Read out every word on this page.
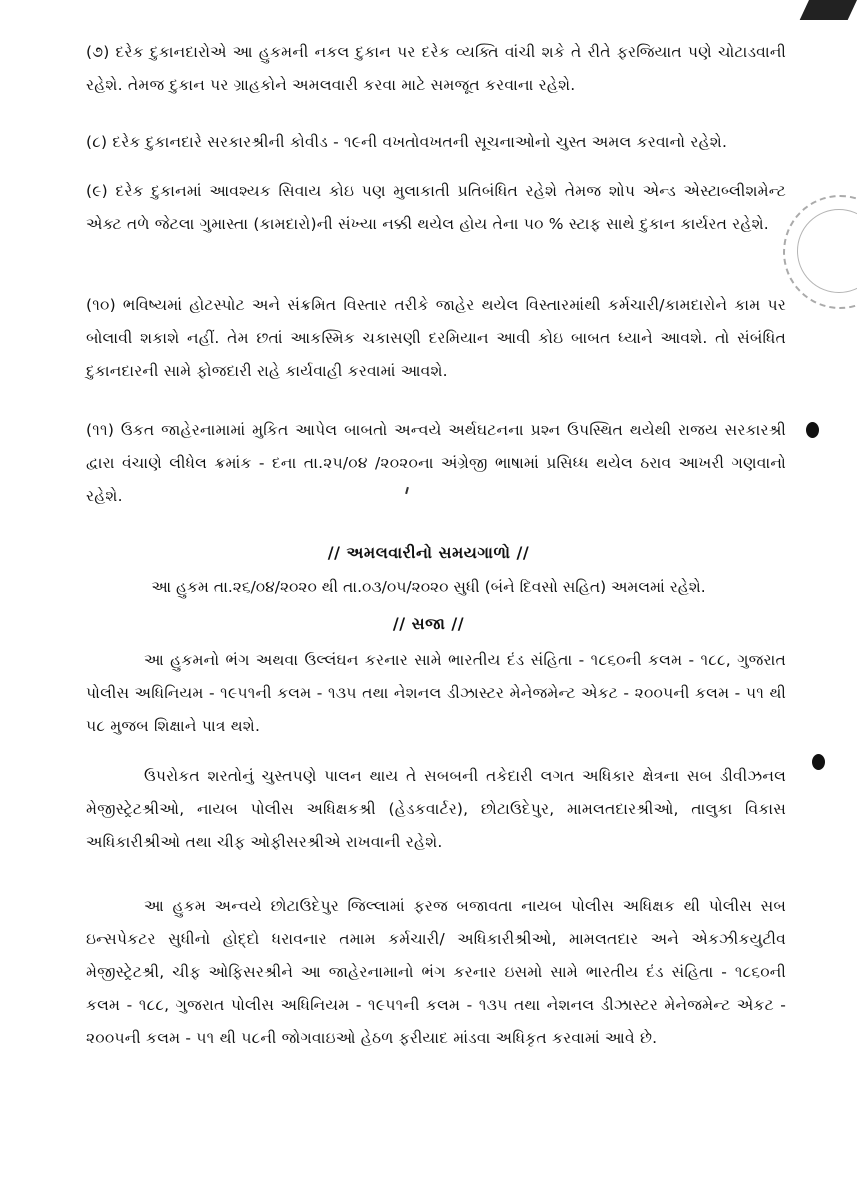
(૭) દરેક દુકાનદારોએ આ હુકમની નકલ દુકાન પર દરેક વ્યક્તિ વાંચી શકે તે રીતે ફરજિયાત પણે ચોટાડવાની રહેશે. તેમજ દુકાન પર ગ્રાહકોને અમલવારી કરવા માટે સમજૂત કરવાના રહેશે.

(૮) દરેક દુકાનદારે સરકારશ્રીની કોવીડ - ૧૯ની વખતોવખતની સૂચનાઓનો ચુસ્ત અમલ કરવાનો રહેશે.

(૯) દરેક દુકાનમાં આવશ્યક સિવાય કોઇ પણ મુલાકાતી પ્રતિબંધિત રહેશે તેમજ શોપ એન્ડ એસ્ટાબ્લીશમેન્ટ એક્ટ તળે જેટલા ગુમાસ્તા (કામદારો)ની સંખ્યા નક્કી થયેલ હોય તેના ૫૦ % સ્ટાફ સાથે દુકાન કાર્યરત રહેશે.

(૧૦) ભવિષ્યમાં હોટસ્પોટ અને સંક્રમિત વિસ્તાર તરીકે જાહેર થયેલ વિસ્તારમાંથી કર્મચારી/કામદારોને કામ પર બોલાવી શકાશે નહીં. તેમ છતાં આકસ્મિક ચકાસણી દરમિયાન આવી કોઇ બાબત ધ્યાને આવશે. તો સંબંધિત દુકાનદારની સામે ફોજદારી રાહે કાર્યવાહી કરવામાં આવશે.

(૧૧) ઉકત જાહેરનામામાં મુકિત આપેલ બાબતો અન્વયે અર્થઘટનના પ્રશ્ન ઉપસ્થિત થયેથી રાજય સરકારશ્રી દ્વારા વંચાણે લીધેલ ક્રમાંક - દના તા.૨૫/૦૪ /૨૦૨૦ના અંગ્રેજી ભાષામાં પ્રસિધ્ધ થયેલ ઠરાવ આખરી ગણવાનો રહેશે.

// અમલવારીનો સમયગાળો //

આ હુકમ તા.૨૬/૦૪/૨૦૨૦ થી તા.૦૩/૦૫/૨૦૨૦ સુધી (બંને દિવસો સહિત) અમલમાં રહેશે.

// સજા //

આ હુકમનો ભંગ અથવા ઉલ્લંઘન કરનાર સામે ભારતીય દંડ સંહિતા - ૧૮૬૦ની કલમ - ૧૮૮, ગુજરાત પોલીસ અધિનિયમ - ૧૯૫૧ની કલમ - ૧૩૫ તથા નેશનલ ડીઝાસ્ટર મેનેજમેન્ટ એકટ - ૨૦૦૫ની કલમ - ૫૧ થી ૫૮ મુજબ શિક્ષાને પાત્ર થશે.

ઉપરોકત શરતોનું ચુસ્તપણે પાલન થાય તે સબબની તકેદારી લગત અધિકાર ક્ષેત્રના સબ ડીવીઝનલ મેજીસ્ટ્રેટશ્રીઓ, નાયબ પોલીસ અધિક્ષકશ્રી (હેડકવાર્ટર), છોટાઉદેપુર, મામલતદારશ્રીઓ, તાલુકા વિકાસ અધિકારીશ્રીઓ તથા ચીફ ઓફીસરશ્રીએ રાખવાની રહેશે.

આ હુકમ અન્વયે છોટાઉદેપુર જિલ્લામાં ફરજ બજાવતા નાયબ પોલીસ અધિક્ષક થી પોલીસ સબ ઇન્સપેકટર સુધીનો હોદ્દો ધરાવનાર તમામ કર્મચારી/ અધિકારીશ્રીઓ, મામલતદાર અને એકઝીકયુટીવ મેજીસ્ટ્રેટશ્રી, ચીફ ઓફિસરશ્રીને આ જાહેરનામાનો ભંગ કરનાર ઇસમો સામે ભારતીય દંડ સંહિતા - ૧૮૬૦ની કલમ - ૧૮૮, ગુજરાત પોલીસ અધિનિયમ - ૧૯૫૧ની કલમ - ૧૩૫ તથા નેશનલ ડીઝાસ્ટર મેનેજમેન્ટ એકટ - ૨૦૦૫ની કલમ - ૫૧ થી ૫૮ની જોગવાઇઓ હેઠળ ફરીયાદ માંડવા અધિકૃત કરવામાં આવે છે.
